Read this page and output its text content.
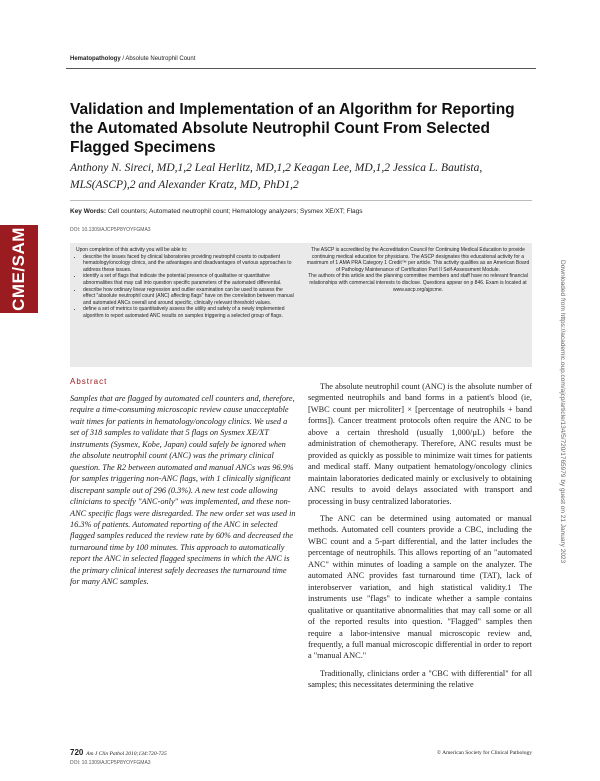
Hematopathology / Absolute Neutrophil Count
CME/SAM
Validation and Implementation of an Algorithm for Reporting the Automated Absolute Neutrophil Count From Selected Flagged Specimens
Anthony N. Sireci, MD,1,2 Leal Herlitz, MD,1,2 Keagan Lee, MD,1,2 Jessica L. Bautista, MLS(ASCP),2 and Alexander Kratz, MD, PhD1,2
Key Words: Cell counters; Automated neutrophil count; Hematology analyzers; Sysmex XE/XT; Flags
DOI: 10.1309/AJCP5P8YOYFGMA3
Upon completion of this activity you will be able to:
• describe the issues faced by clinical laboratories providing neutrophil counts to outpatient hematology/oncology clinics, and the advantages and disadvantages of various approaches to address these issues.
• identify a set of flags that indicate the potential presence of qualitative or quantitative abnormalities that may call into question specific parameters of the automated differential.
• describe how ordinary linear regression and outlier examination can be used to assess the effect "absolute neutrophil count (ANC) affecting flags" have on the correlation between manual and automated ANCs overall and around specific, clinically relevant threshold values.
• define a set of metrics to quantitatively assess the utility and safety of a newly implemented algorithm to report automated ANC results on samples triggering a selected group of flags.
The ASCP is accredited by the Accreditation Council for Continuing Medical Education to provide continuing medical education for physicians. The ASCP designates this educational activity for a maximum of 1 AMA PRA Category 1 Credit™ per article. This activity qualifies as an American Board of Pathology Maintenance of Certification Part II Self-Assessment Module.
The authors of this article and the planning committee members and staff have no relevant financial relationships with commercial interests to disclose. Questions appear on p 846. Exam is located at www.ascp.org/ajpcme.
Abstract
Samples that are flagged by automated cell counters and, therefore, require a time-consuming microscopic review cause unacceptable wait times for patients in hematology/oncology clinics. We used a set of 318 samples to validate that 5 flags on Sysmex XE/XT instruments (Sysmex, Kobe, Japan) could safely be ignored when the absolute neutrophil count (ANC) was the primary clinical question. The R2 between automated and manual ANCs was 96.9% for samples triggering non-ANC flags, with 1 clinically significant discrepant sample out of 296 (0.3%). A new test code allowing clinicians to specify "ANC-only" was implemented, and these non-ANC specific flags were disregarded. The new order set was used in 16.3% of patients. Automated reporting of the ANC in selected flagged samples reduced the review rate by 60% and decreased the turnaround time by 100 minutes. This approach to automatically report the ANC in selected flagged specimens in which the ANC is the primary clinical interest safely decreases the turnaround time for many ANC samples.

The absolute neutrophil count (ANC) is the absolute number of segmented neutrophils and band forms in a patient's blood (ie, [WBC count per microliter] × [percentage of neutrophils + band forms]). Cancer treatment protocols often require the ANC to be above a certain threshold (usually 1,000/µL) before the administration of chemotherapy. Therefore, ANC results must be provided as quickly as possible to minimize wait times for patients and medical staff. Many outpatient hematology/oncology clinics maintain laboratories dedicated mainly or exclusively to obtaining ANC results to avoid delays associated with transport and processing in busy centralized laboratories.

The ANC can be determined using automated or manual methods. Automated cell counters provide a CBC, including the WBC count and a 5-part differential, and the latter includes the percentage of neutrophils. This allows reporting of an "automated ANC" within minutes of loading a sample on the analyzer. The automated ANC provides fast turnaround time (TAT), lack of interobserver variation, and high statistical validity.1 The instruments use "flags" to indicate whether a sample contains qualitative or quantitative abnormalities that may call some or all of the reported results into question. "Flagged" samples then require a labor-intensive manual microscopic review and, frequently, a full manual microscopic differential in order to report a "manual ANC."

Traditionally, clinicians order a "CBC with differential" for all samples; this necessitates determining the relative

Downloaded from https://academic.oup.com/ajcp/article/134/5/720/1765979 by guest on 21 January 2023
720 Am J Clin Pathol 2010;134:720-725	© American Society for Clinical Pathology
DOI: 10.1309/AJCP5P8YOYFGMA3
